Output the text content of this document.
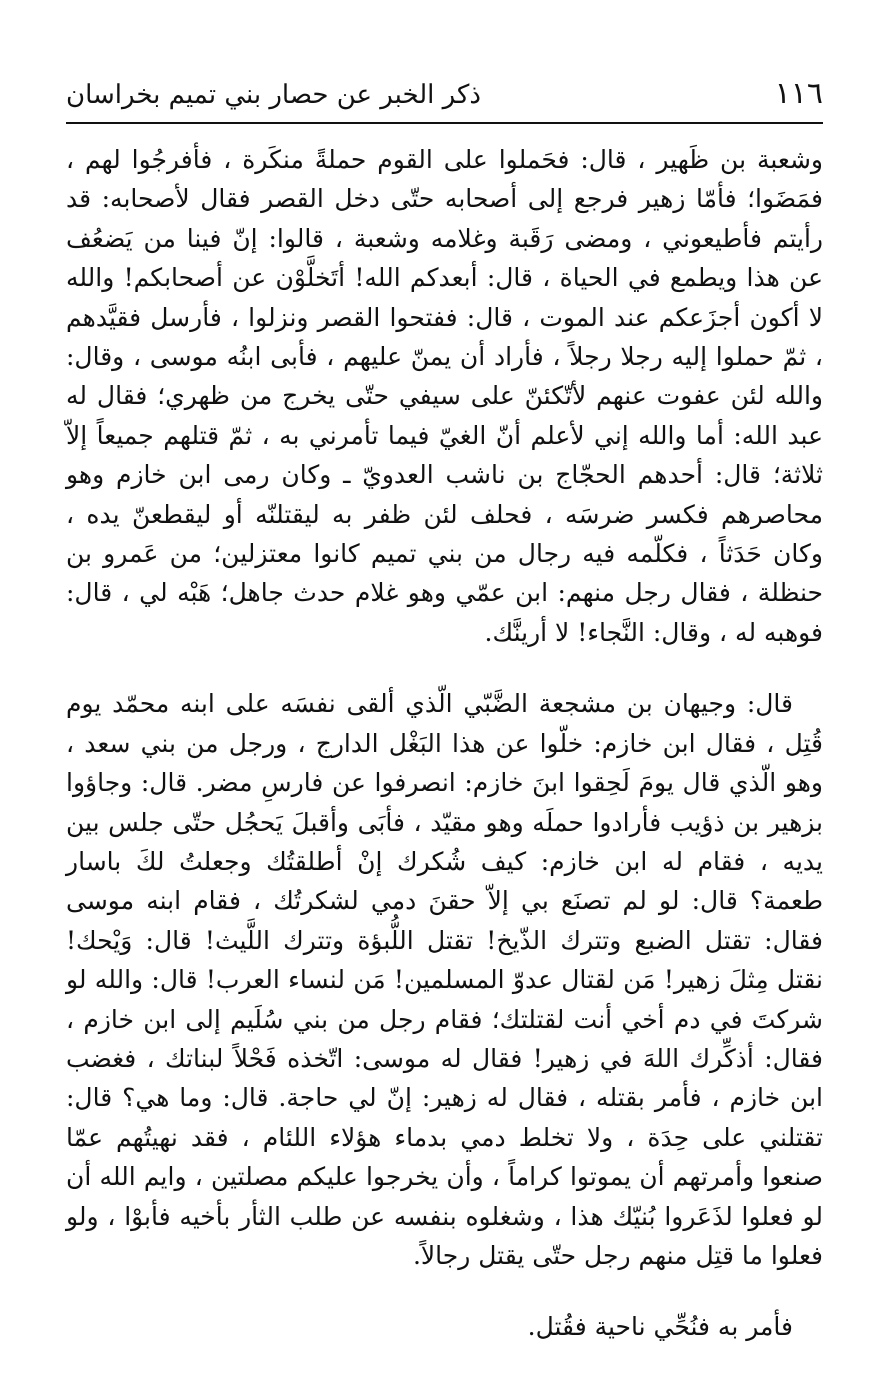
١١٦
ذكر الخبر عن حصار بني تميم بخراسان

وشعبة بن ظَهير ، قال: فحَملوا على القوم حملةً منكَرة ، فأفرجُوا لهم ، فمَضَوا؛ فأمّا زهير فرجع إلى أصحابه حتّى دخل القصر فقال لأصحابه: قد رأيتم فأطيعوني ، ومضى رَقَبة وغلامه وشعبة ، قالوا: إنّ فينا من يَضعُف عن هذا ويطمع في الحياة ، قال: أبعدكم الله! أتَخلَّوْن عن أصحابكم! والله لا أكون أجزَعكم عند الموت ، قال: ففتحوا القصر ونزلوا ، فأرسل فقيَّدهم ، ثمّ حملوا إليه رجلا رجلاً ، فأراد أن يمنّ عليهم ، فأبى ابنُه موسى ، وقال: والله لئن عفوت عنهم لأتّكئنّ على سيفي حتّى يخرج من ظهري؛ فقال له عبد الله: أما والله إني لأعلم أنّ الغيّ فيما تأمرني به ، ثمّ قتلهم جميعاً إلاّ ثلاثة؛ قال: أحدهم الحجّاج بن ناشب العدويّ ـ وكان رمى ابن خازم وهو محاصرهم فكسر ضرسَه ، فحلف لئن ظفر به ليقتلنّه أو ليقطعنّ يده ، وكان حَدَثاً ، فكلّمه فيه رجال من بني تميم كانوا معتزلين؛ من عَمرو بن حنظلة ، فقال رجل منهم: ابن عمّي وهو غلام حدث جاهل؛ هَبْه لي ، قال: فوهبه له ، وقال: النَّجاء! لا أرينَّك.

قال: وجيهان بن مشجعة الضَّبّي الّذي ألقى نفسَه على ابنه محمّد يوم قُتِل ، فقال ابن خازم: خلّوا عن هذا البَغْل الدارج ، ورجل من بني سعد ، وهو الّذي قال يومَ لَحِقوا ابنَ خازم: انصرفوا عن فارسِ مضر. قال: وجاؤوا بزهير بن ذؤيب فأرادوا حملَه وهو مقيّد ، فأبَى وأقبلَ يَحجُل حتّى جلس بين يديه ، فقام له ابن خازم: كيف شُكرك إنْ أطلقتُك وجعلتُ لكَ باسار طعمة؟ قال: لو لم تصنَع بي إلاّ حقنَ دمي لشكرتُك ، فقام ابنه موسى فقال: تقتل الضبع وتترك الذّيخ! تقتل اللُّبؤة وتترك اللَّيث! قال: وَيْحك! نقتل مِثلَ زهير! مَن لقتال عدوّ المسلمين! مَن لنساء العرب! قال: والله لو شركتَ في دم أخي أنت لقتلتك؛ فقام رجل من بني سُلَيم إلى ابن خازم ، فقال: أذكِّرك اللهَ في زهير! فقال له موسى: اتّخذه فَحْلاً لبناتك ، فغضب ابن خازم ، فأمر بقتله ، فقال له زهير: إنّ لي حاجة. قال: وما هي؟ قال: تقتلني على حِدَة ، ولا تخلط دمي بدماء هؤلاء اللئام ، فقد نهيتُهم عمّا صنعوا وأمرتهم أن يموتوا كراماً ، وأن يخرجوا عليكم مصلتين ، وايم الله أن لو فعلوا لذَعَروا بُنيّك هذا ، وشغلوه بنفسه عن طلب الثأر بأخيه فأبوْا ، ولو فعلوا ما قتِل منهم رجل حتّى يقتل رجالاً.

فأمر به فنُحِّي ناحية فقُتل.
